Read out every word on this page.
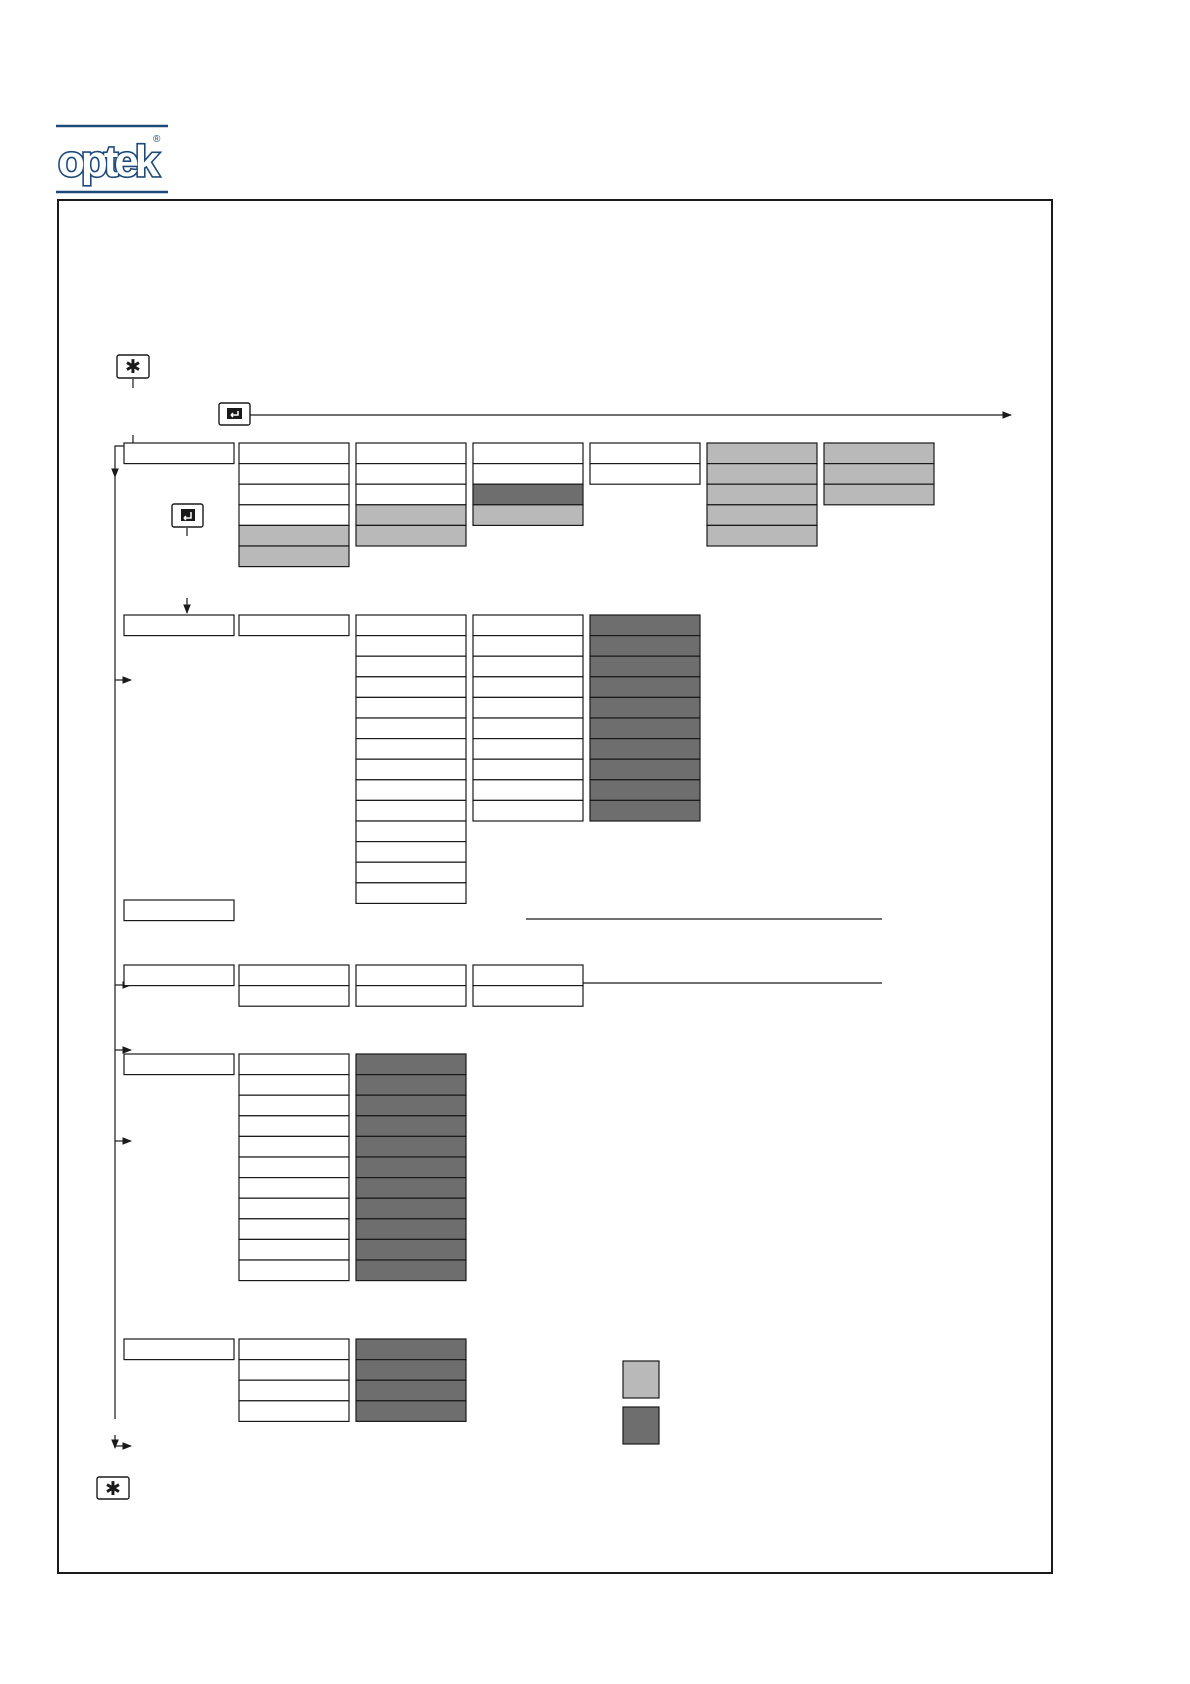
optek
®
✱
✱
